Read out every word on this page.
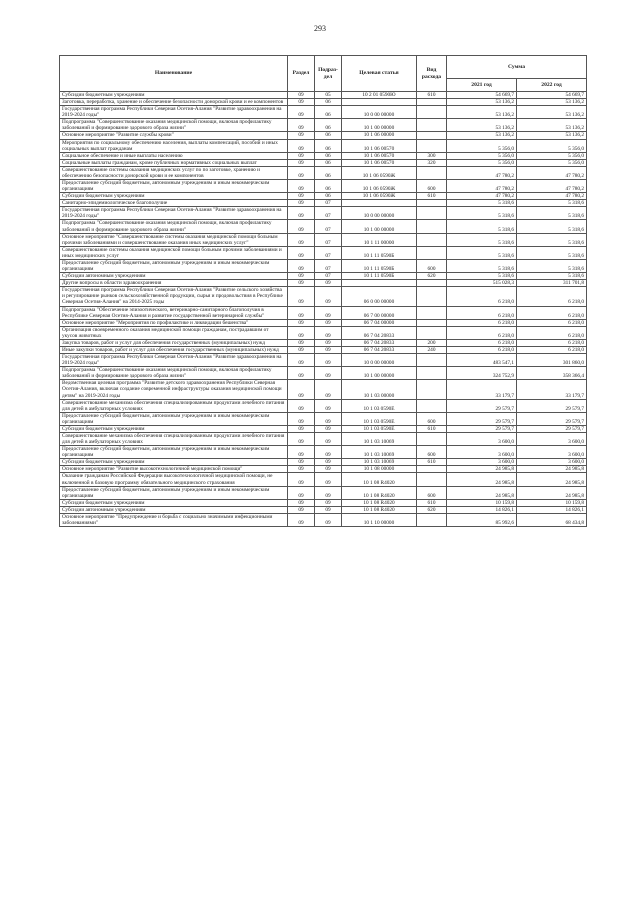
293
Наименование	Раздел	Подраз-дел	Целевая статья	Вид расхода	Сумма	
					2021 год	2022 год
Субсидии бюджетным учреждениям	09	05	10 2 01 0590Ю	610	54 669,7	54 669,7
Заготовка, переработка, хранение и обеспечение безопасности донорской крови и ее компонентов	09	06			53 136,2	53 136,2
Государственная программа Республики Северная Осетия-Алания "Развитие здравоохранения на 2019-2024 годы"	09	06	10 0 00 00000		53 136,2	53 136,2
Подпрограмма "Совершенствование оказания медицинской помощи, включая профилактику заболеваний и формирование здорового образа жизни"	09	06	10 1 00 00000		53 136,2	53 136,2
Основное мероприятие "Развитие службы крови"	09	06	10 1 06 00000		53 136,2	53 136,2
Мероприятия по социальному обеспечению населения, выплаты компенсаций, пособий и иных социальных выплат гражданам	09	06	10 1 06 00570		5 356,0	5 356,0
Социальное обеспечение и иные выплаты населению	09	06	10 1 06 00570	300	5 356,0	5 356,0
Социальные выплаты гражданам, кроме публичных нормативных социальных выплат	09	06	10 1 06 00570	320	5 356,0	5 356,0
Совершенствование системы оказания медицинских услуг по по заготовке, хранению и обеспечению безопасности донорской крови и ее компонентов	09	06	10 1 06 0590Ж		47 780,2	47 780,2
Предоставление субсидий бюджетным, автономным учреждениям и иным некоммерческим организациям	09	06	10 1 06 0590Ж	600	47 780,2	47 780,2
Субсидии бюджетным учреждениям	09	06	10 1 06 0590Ж	610	47 780,2	47 780,2
Санитарно-эпидемиологическое благополучие	09	07			5 318,6	5 318,6
Государственная программа Республики Северная Осетия-Алания "Развитие здравоохранения на 2019-2024 годы"	09	07	10 0 00 00000		5 318,6	5 318,6
Подпрограмма "Совершенствование оказания медицинской помощи, включая профилактику заболеваний и формирование здорового образа жизни"	09	07	10 1 00 00000		5 318,6	5 318,6
Основное мероприятие "Совершенствование системы оказания медицинской помощи больным прочими заболеваниями и совершенствование оказания иных медицинских услуг"	09	07	10 1 11 00000		5 318,6	5 318,6
Совершенствование системы оказания медицинской помощи больным прочими заболеваниями и иных медицинских услуг	09	07	10 1 11 0590Б		5 318,6	5 318,6
Предоставление субсидий бюджетным, автономным учреждениям и иным некоммерческим организациям	09	07	10 1 11 0590Б	600	5 318,6	5 318,6
Субсидии автономным учреждениям	09	07	10 1 11 0590Б	620	5 318,6	5 318,6
Другие вопросы в области здравоохранения	09	09			515 028,3	311 701,8
Государственная программа Республики Северная Осетия-Алания "Развитие сельского хозяйства и регулирование рынков сельскохозяйственной продукции, сырья и продовольствия в Республике Северная Осетия-Алания" на 2014-2025 годы	09	09	06 0 00 00000		6 218,0	6 218,0
Подпрограмма "Обеспечение эпизоотического, ветеринарно-санитарного благополучия в Республике Северная Осетия-Алания и развитие государственной ветеринарной службы"	09	09	06 7 00 00000		6 218,0	6 218,0
Основное мероприятие "Мероприятия по профилактике и ликвидации бешенства"	09	09	06 7 04 00000		6 218,0	6 218,0
Организация своевременного оказания медицинской помощи гражданам, пострадавшим от укусов животных	09	09	06 7 04 20833		6 218,0	6 218,0
Закупка товаров, работ и услуг для обеспечения государственных (муниципальных) нужд	09	09	06 7 04 20833	200	6 218,0	6 218,0
Иные закупки товаров, работ и услуг для обеспечения государственных (муниципальных) нужд	09	09	06 7 04 20833	240	6 218,0	6 218,0
Государственная программа Республики Северная Осетия-Алания "Развитие здравоохранения на 2019-2024 годы"	09	09	10 0 00 00000		483 547,1	301 860,0
Подпрограмма "Совершенствование оказания медицинской помощи, включая профилактику заболеваний и формирование здорового образа жизни"	09	09	10 1 00 00000		324 752,9	358 366,4
Ведомственная целевая программа "Развитие детского здравоохранения Республики Северная Осетия-Алания, включая создание современной инфраструктуры оказания медицинской помощи детям" на 2019-2024 годы	09	09	10 1 03 00000		33 179,7	33 179,7
Совершенствование механизма обеспечения специализированным продуктами лечебного питания для детей в амбулаторных условиях	09	09	10 1 03 0590Е		29 579,7	29 579,7
Предоставление субсидий бюджетным, автономным учреждениям и иным некоммерческим организациям	09	09	10 1 03 0590Е	600	29 579,7	29 579,7
Субсидии бюджетным учреждениям	09	09	10 1 03 0590Е	610	29 579,7	29 579,7
Совершенствование механизма обеспечения специализированным продуктами лечебного питания для детей в амбулаторных условиях	09	09	10 1 03 10069		3 600,0	3 600,0
Предоставление субсидий бюджетным, автономным учреждениям и иным некоммерческим организациям	09	09	10 1 03 10069	600	3 600,0	3 600,0
Субсидии бюджетным учреждениям	09	09	10 1 03 10069	610	3 600,0	3 600,0
Основное мероприятие "Развитие высокотехнологичной медицинской помощи"	09	09	10 1 08 00000		24 985,8	24 985,8
Оказание гражданам Российской Федерации высокотехнологичной медицинской помощи, не включенной в базовую программу обязательного медицинского страхования	09	09	10 1 08 R4020		24 985,8	24 985,8
Предоставление субсидий бюджетным, автономным учреждениям и иным некоммерческим организациям	09	09	10 1 08 R4020	600	24 985,8	24 985,8
Субсидии бюджетным учреждениям	09	09	10 1 08 R4020	610	10 159,8	10 159,8
Субсидии автономным учреждениям	09	09	10 1 08 R4020	620	14 826,1	14 826,1
Основное мероприятие "Предупреждение и борьба с социально значимыми инфекционными заболеваниями"	09	09	10 1 10 00000		85 992,6	68 434,8
